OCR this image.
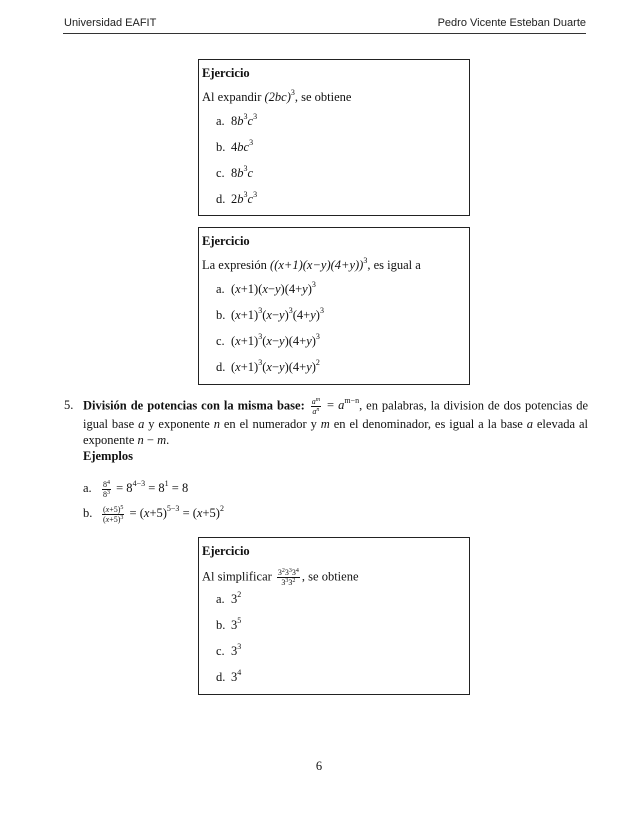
Universidad EAFIT	Pedro Vicente Esteban Duarte
Ejercicio
Al expandir $(2bc)^3$, se obtiene
a. $8b^3c^3$
b. $4bc^3$
c. $8b^3c$
d. $2b^3c^3$
Ejercicio
La expresión $((x+1)(x-y)(4+y))^3$, es igual a
a. $(x+1)(x-y)(4+y)^3$
b. $(x+1)^3(x-y)^3(4+y)^3$
c. $(x+1)^3(x-y)(4+y)^3$
d. $(x+1)^3(x-y)(4+y)^2$
5. División de potencias con la misma base: $\frac{a^m}{a^n} = a^{m-n}$, en palabras, la division de dos potencias de igual base a y exponente n en el numerador y m en el denominador, es igual a la base a elevada al exponente n − m.
Ejemplos
a. $\frac{8^4}{8^3} = 8^{4-3} = 8^1 = 8$
b. $\frac{(x+5)^5}{(x+5)^3} = (x+5)^{5-3} = (x+5)^2$
Ejercicio
Al simplificar $\frac{3^23^33^4}{3^33^2}$ , se obtiene
a. $3^2$
b. $3^5$
c. $3^3$
d. $3^4$
6
